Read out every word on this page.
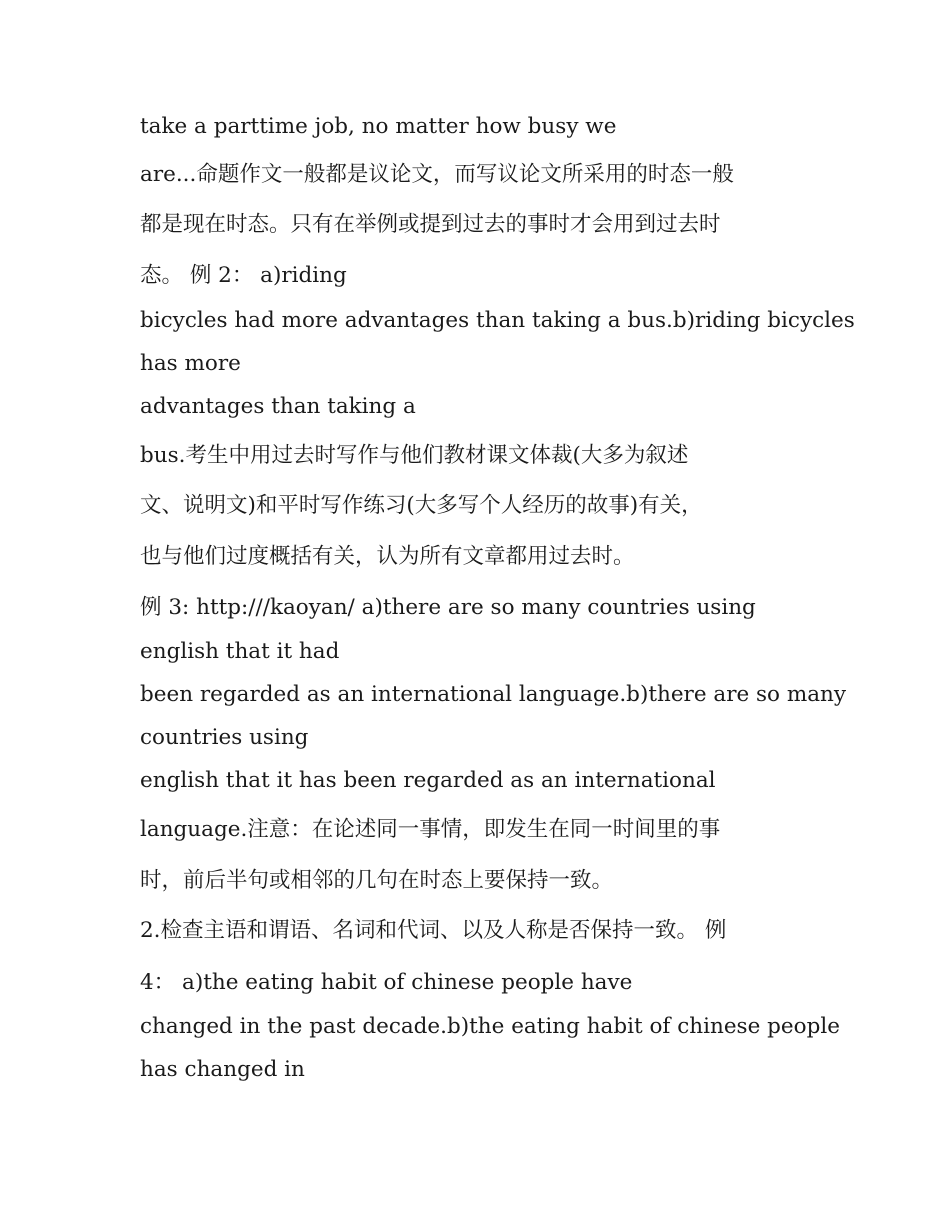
take a parttime job, no matter how busy we
are...命题作文一般都是议论文，而写议论文所采用的时态一般
都是现在时态。只有在举例或提到过去的事时才会用到过去时
态。 例 2： a)riding
bicycles had more advantages than taking a bus.b)riding bicycles
has more
advantages than taking a
bus.考生中用过去时写作与他们教材课文体裁(大多为叙述
文、说明文)和平时写作练习(大多写个人经历的故事)有关，
也与他们过度概括有关，认为所有文章都用过去时。
例 3: http:///kaoyan/ a)there are so many countries using
english that it had
been regarded as an international language.b)there are so many
countries using
english that it has been regarded as an international
language.注意：在论述同一事情，即发生在同一时间里的事
时，前后半句或相邻的几句在时态上要保持一致。
2.检查主语和谓语、名词和代词、以及人称是否保持一致。 例
4： a)the eating habit of chinese people have
changed in the past decade.b)the eating habit of chinese people
has changed in
